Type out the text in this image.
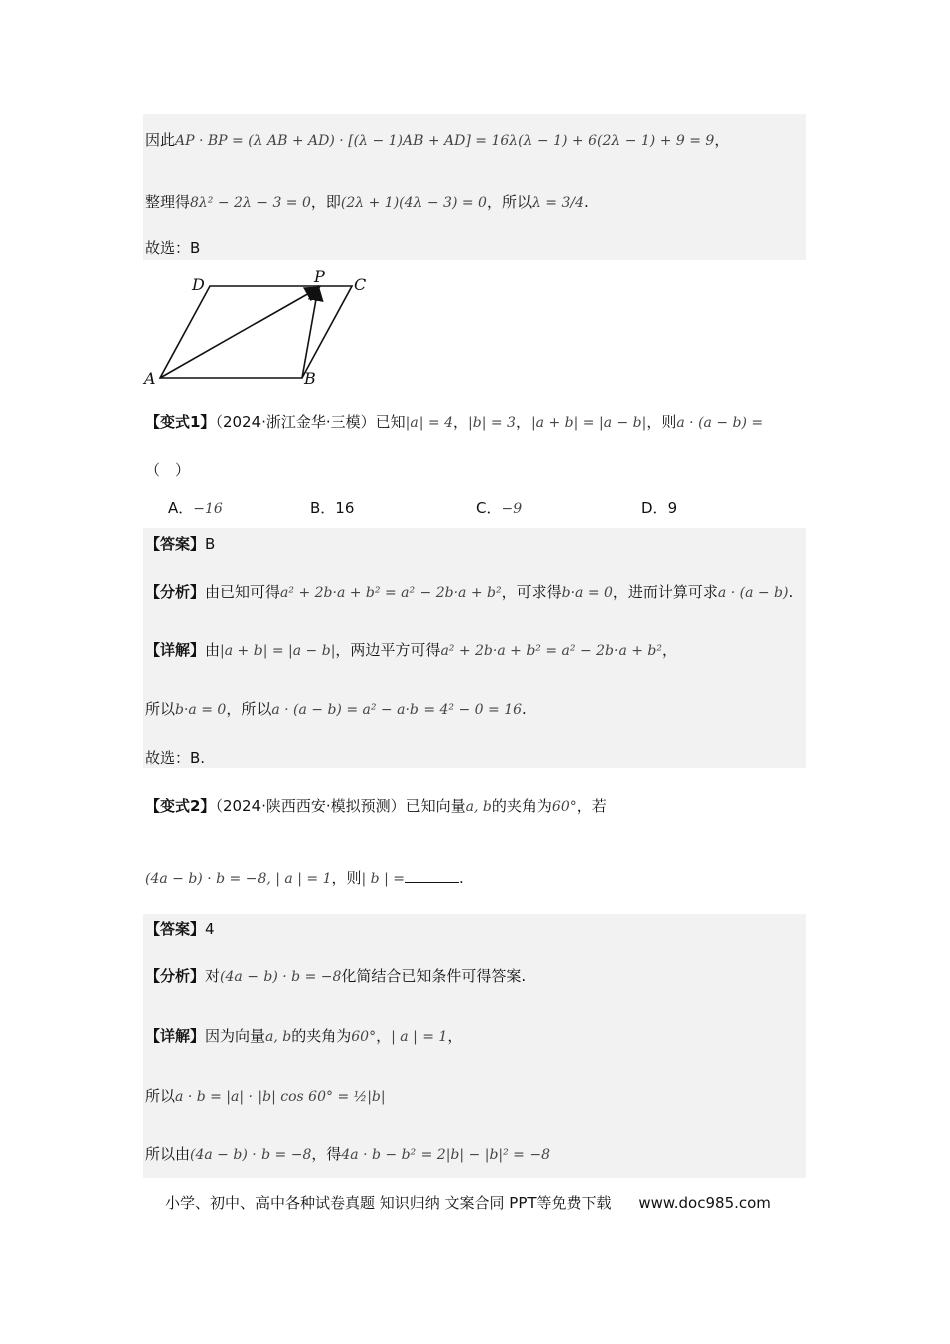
因此AP · BP = (λ AB + AD) · [(λ − 1)AB + AD] = 16λ(λ − 1) + 6(2λ − 1) + 9 = 9，
整理得8λ² − 2λ − 3 = 0，即(2λ + 1)(4λ − 3) = 0，所以λ = 3/4.
故选：B
A	B
C
D	P
【变式1】（2024·浙江金华·三模）已知|a| = 4，|b| = 3，|a + b| = |a − b|，则a · (a − b) =
（　）
A．−16	B．16	C．−9	D．9
【答案】B
【分析】由已知可得a² + 2b·a + b² = a² − 2b·a + b²，可求得b·a = 0，进而计算可求a · (a − b).
【详解】由|a + b| = |a − b|，两边平方可得a² + 2b·a + b² = a² − 2b·a + b²，
所以b·a = 0，所以a · (a − b) = a² − a·b = 4² − 0 = 16.
故选：B.
【变式2】（2024·陕西西安·模拟预测）已知向量a, b的夹角为60°，若
(4a − b) · b = −8, | a | = 1，则| b | =	.
【答案】4
【分析】对(4a − b) · b = −8化简结合已知条件可得答案.
【详解】因为向量a, b的夹角为60°，| a | = 1，
所以a · b = |a| · |b| cos 60° = ½|b|
所以由(4a − b) · b = −8，得4a · b − b² = 2|b| − |b|² = −8
小学、初中、高中各种试卷真题 知识归纳 文案合同 PPT等免费下载 www.doc985.com
